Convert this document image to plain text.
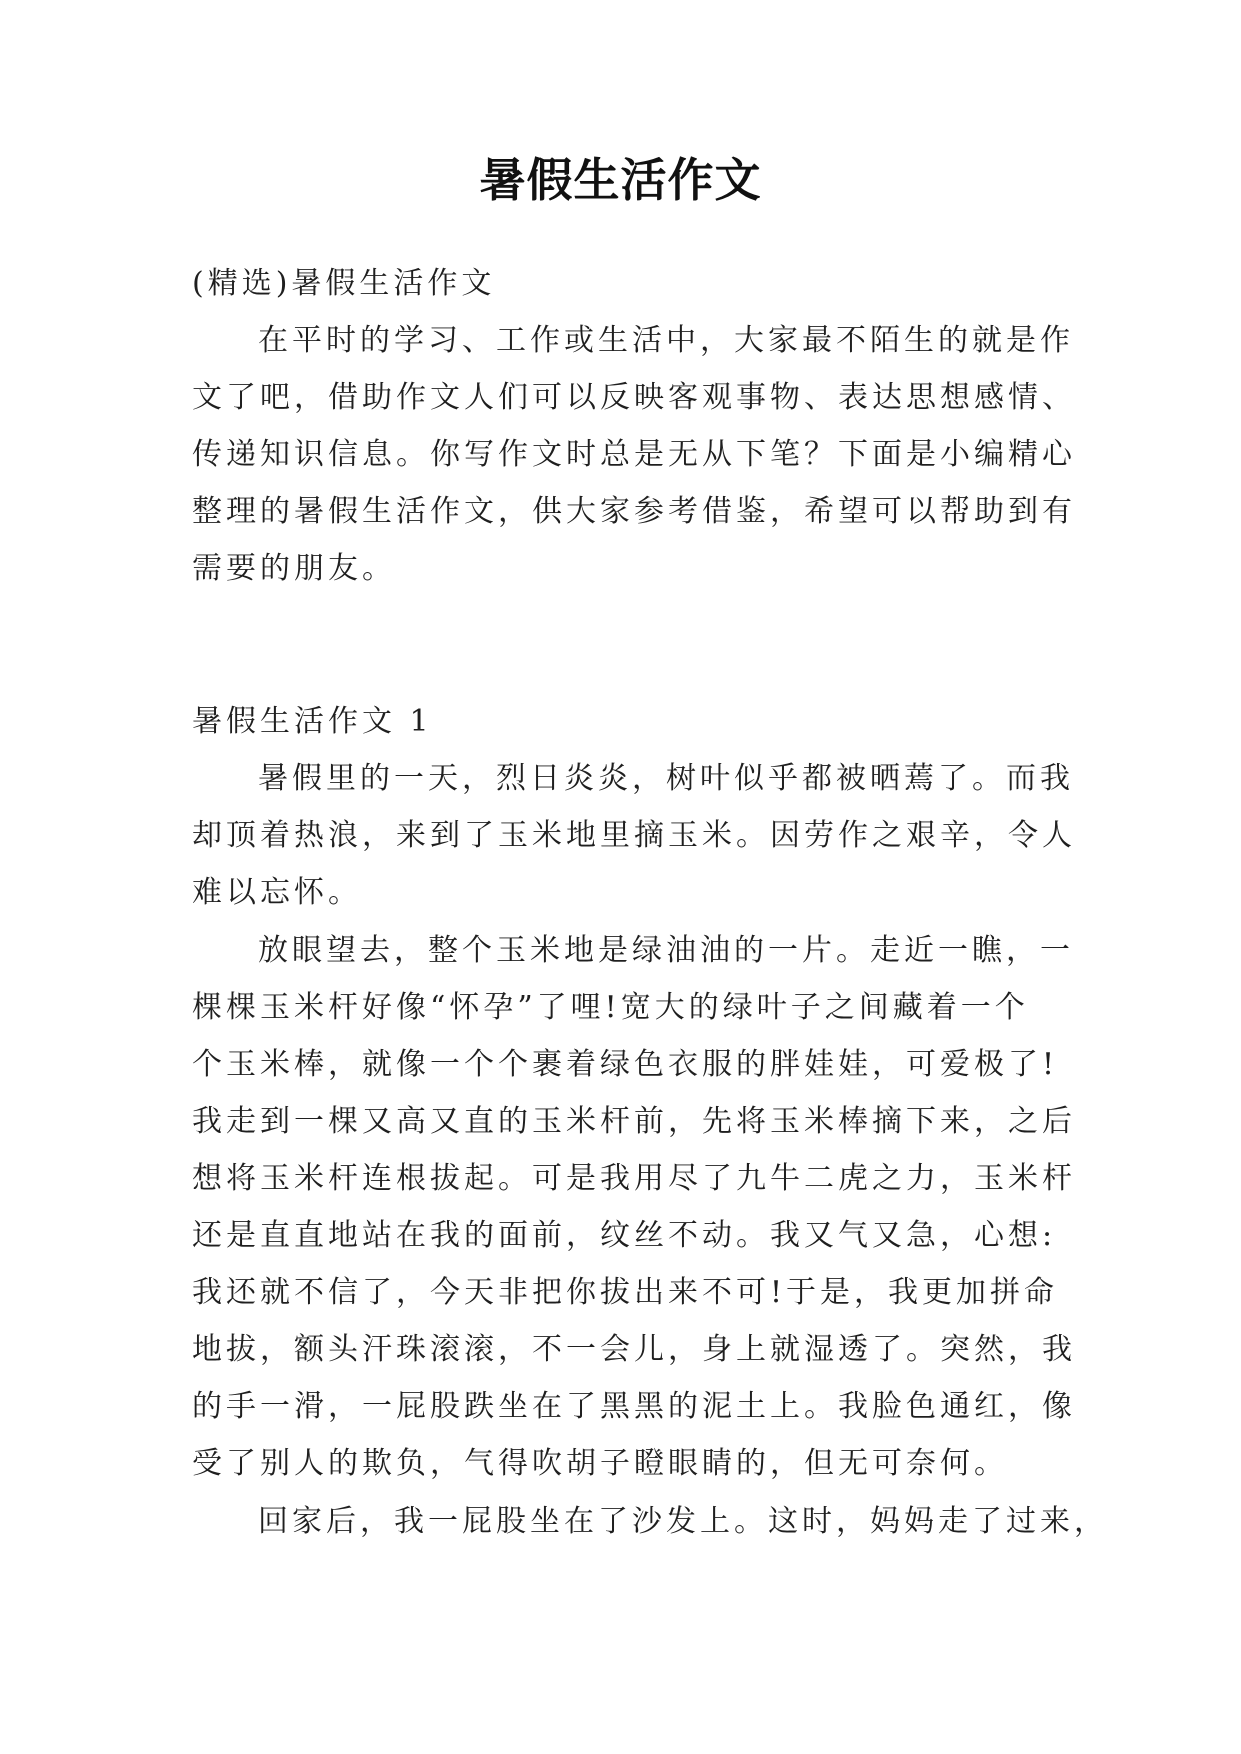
暑假生活作文
(精选)暑假生活作文
在平时的学习、工作或生活中，大家最不陌生的就是作
文了吧，借助作文人们可以反映客观事物、表达思想感情、
传递知识信息。你写作文时总是无从下笔？下面是小编精心
整理的暑假生活作文，供大家参考借鉴，希望可以帮助到有
需要的朋友。
暑假生活作文 1
暑假里的一天，烈日炎炎，树叶似乎都被晒蔫了。而我
却顶着热浪，来到了玉米地里摘玉米。因劳作之艰辛，令人
难以忘怀。
放眼望去，整个玉米地是绿油油的一片。走近一瞧，一
棵棵玉米杆好像“怀孕”了哩!宽大的绿叶子之间藏着一个
个玉米棒，就像一个个裹着绿色衣服的胖娃娃，可爱极了!
我走到一棵又高又直的玉米杆前，先将玉米棒摘下来，之后
想将玉米杆连根拔起。可是我用尽了九牛二虎之力，玉米杆
还是直直地站在我的面前，纹丝不动。我又气又急，心想:
我还就不信了，今天非把你拔出来不可!于是，我更加拼命
地拔，额头汗珠滚滚，不一会儿，身上就湿透了。突然，我
的手一滑，一屁股跌坐在了黑黑的泥土上。我脸色通红，像
受了别人的欺负，气得吹胡子瞪眼睛的，但无可奈何。
回家后，我一屁股坐在了沙发上。这时，妈妈走了过来，
